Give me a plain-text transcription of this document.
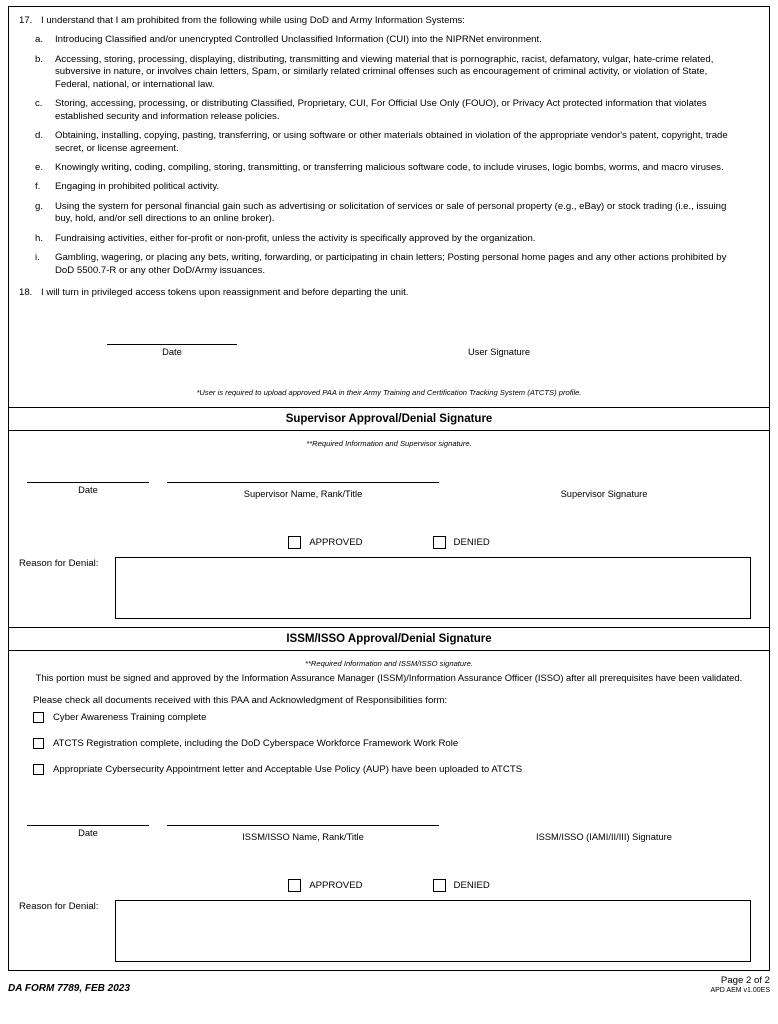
17. I understand that I am prohibited from the following while using DoD and Army Information Systems:
a.	Introducing Classified and/or unencrypted Controlled Unclassified Information (CUI) into the NIPRNet environment.
b.	Accessing, storing, processing, displaying, distributing, transmitting and viewing material that is pornographic, racist, defamatory, vulgar, hate-crime related, subversive in nature, or involves chain letters, Spam, or similarly related criminal offenses such as encouragement of criminal activity, or violation of State, Federal, national, or international law.
c.	Storing, accessing, processing, or distributing Classified, Proprietary, CUI, For Official Use Only (FOUO), or Privacy Act protected information that violates established security and information release policies.
d.	Obtaining, installing, copying, pasting, transferring, or using software or other materials obtained in violation of the appropriate vendor's patent, copyright, trade secret, or license agreement.
e.	Knowingly writing, coding, compiling, storing, transmitting, or transferring malicious software code, to include viruses, logic bombs, worms, and macro viruses.
f.	Engaging in prohibited political activity.
g.	Using the system for personal financial gain such as advertising or solicitation of services or sale of personal property (e.g., eBay) or stock trading (i.e., issuing buy, hold, and/or sell directions to an online broker).
h.	Fundraising activities, either for-profit or non-profit, unless the activity is specifically approved by the organization.
i.	Gambling, wagering, or placing any bets, writing, forwarding, or participating in chain letters; Posting personal home pages and any other actions prohibited by DoD 5500.7-R or any other DoD/Army issuances.
18. I will turn in privileged access tokens upon reassignment and before departing the unit.
Date	User Signature
*User is required to upload approved PAA in their Army Training and Certification Tracking System (ATCTS) profile.
Supervisor Approval/Denial Signature
**Required Information and Supervisor signature.
Date	Supervisor Name, Rank/Title	Supervisor Signature
APPROVED	DENIED
Reason for Denial:
ISSM/ISSO Approval/Denial Signature
**Required Information and ISSM/ISSO signature.
This portion must be signed and approved by the Information Assurance Manager (ISSM)/Information Assurance Officer (ISSO) after all prerequisites have been validated.
Please check all documents received with this PAA and Acknowledgment of Responsibilities form:
Cyber Awareness Training complete
ATCTS Registration complete, including the DoD Cyberspace Workforce Framework Work Role
Appropriate Cybersecurity Appointment letter and Acceptable Use Policy (AUP) have been uploaded to ATCTS
Date	ISSM/ISSO Name, Rank/Title	ISSM/ISSO (IAMI/II/III) Signature
APPROVED	DENIED
Reason for Denial:
DA FORM 7789, FEB 2023
Page 2 of 2
APD AEM v1.00ES
